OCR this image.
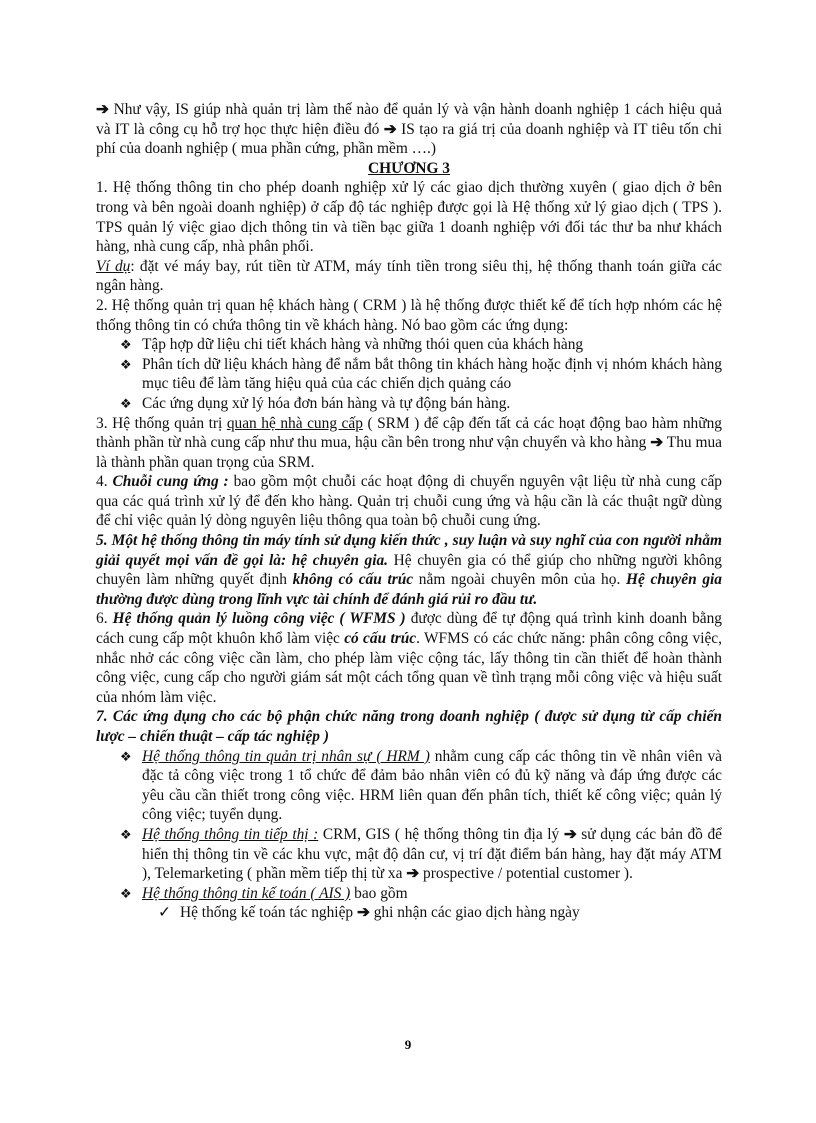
➔ Như vậy, IS giúp nhà quản trị làm thế nào để quản lý và vận hành doanh nghiệp 1 cách hiệu quả và IT là công cụ hỗ trợ học thực hiện điều đó ➔ IS tạo ra giá trị của doanh nghiệp và IT tiêu tốn chi phí của doanh nghiệp ( mua phần cứng, phần mềm ….)

CHƯƠNG 3

1. Hệ thống thông tin cho phép doanh nghiệp xử lý các giao dịch thường xuyên ( giao dịch ở bên trong và bên ngoài doanh nghiệp) ở cấp độ tác nghiệp được gọi là Hệ thống xử lý giao dịch ( TPS ). TPS quản lý việc giao dịch thông tin và tiền bạc giữa 1 doanh nghiệp với đối tác thư ba như khách hàng, nhà cung cấp, nhà phân phối.

Ví dụ: đặt vé máy bay, rút tiền từ ATM, máy tính tiền trong siêu thị, hệ thống thanh toán giữa các ngân hàng.

2. Hệ thống quản trị quan hệ khách hàng ( CRM ) là hệ thống được thiết kế để tích hợp nhóm các hệ thống thông tin có chứa thông tin về khách hàng. Nó bao gồm các ứng dụng:

❖ Tập hợp dữ liệu chi tiết khách hàng và những thói quen của khách hàng
❖ Phân tích dữ liệu khách hàng để nắm bắt thông tin khách hàng hoặc định vị nhóm khách hàng mục tiêu để làm tăng hiệu quả của các chiến dịch quảng cáo
❖ Các ứng dụng xử lý hóa đơn bán hàng và tự động bán hàng.

3. Hệ thống quản trị quan hệ nhà cung cấp ( SRM ) để cập đến tất cả các hoạt động bao hàm những thành phần từ nhà cung cấp như thu mua, hậu cần bên trong như vận chuyển và kho hàng ➔ Thu mua là thành phần quan trọng của SRM.

4. Chuỗi cung ứng : bao gồm một chuỗi các hoạt động di chuyển nguyên vật liệu từ nhà cung cấp qua các quá trình xử lý để đến kho hàng. Quản trị chuỗi cung ứng và hậu cần là các thuật ngữ dùng để chỉ việc quản lý dòng nguyên liệu thông qua toàn bộ chuỗi cung ứng.

5. Một hệ thống thông tin máy tính sử dụng kiến thức , suy luận và suy nghĩ của con người nhằm giải quyết mọi vấn đề gọi là: hệ chuyên gia. Hệ chuyên gia có thể giúp cho những người không chuyên làm những quyết định không có cấu trúc nằm ngoài chuyên môn của họ. Hệ chuyên gia thường được dùng trong lĩnh vực tài chính để đánh giá rủi ro đầu tư.

6. Hệ thống quản lý luồng công việc ( WFMS ) được dùng để tự động quá trình kinh doanh bằng cách cung cấp một khuôn khổ làm việc có cấu trúc. WFMS có các chức năng: phân công công việc, nhắc nhở các công việc cần làm, cho phép làm việc cộng tác, lấy thông tin cần thiết để hoàn thành công việc, cung cấp cho người giám sát một cách tổng quan về tình trạng mỗi công việc và hiệu suất của nhóm làm việc.

7. Các ứng dụng cho các bộ phận chức năng trong doanh nghiệp ( được sử dụng từ cấp chiến lược – chiến thuật – cấp tác nghiệp )

❖ Hệ thống thông tin quản trị nhân sự ( HRM ) nhằm cung cấp các thông tin về nhân viên và đặc tả công việc trong 1 tổ chức để đảm bảo nhân viên có đủ kỹ năng và đáp ứng được các yêu cầu cần thiết trong công việc. HRM liên quan đến phân tích, thiết kế công việc; quản lý công việc; tuyển dụng.
❖ Hệ thống thông tin tiếp thị : CRM, GIS ( hệ thống thông tin địa lý ➔ sử dụng các bản đồ để hiển thị thông tin về các khu vực, mật độ dân cư, vị trí đặt điểm bán hàng, hay đặt máy ATM ), Telemarketing ( phần mềm tiếp thị từ xa ➔ prospective / potential customer ).
❖ Hệ thống thông tin kế toán ( AIS ) bao gồm
✓ Hệ thống kế toán tác nghiệp ➔ ghi nhận các giao dịch hàng ngày
9
